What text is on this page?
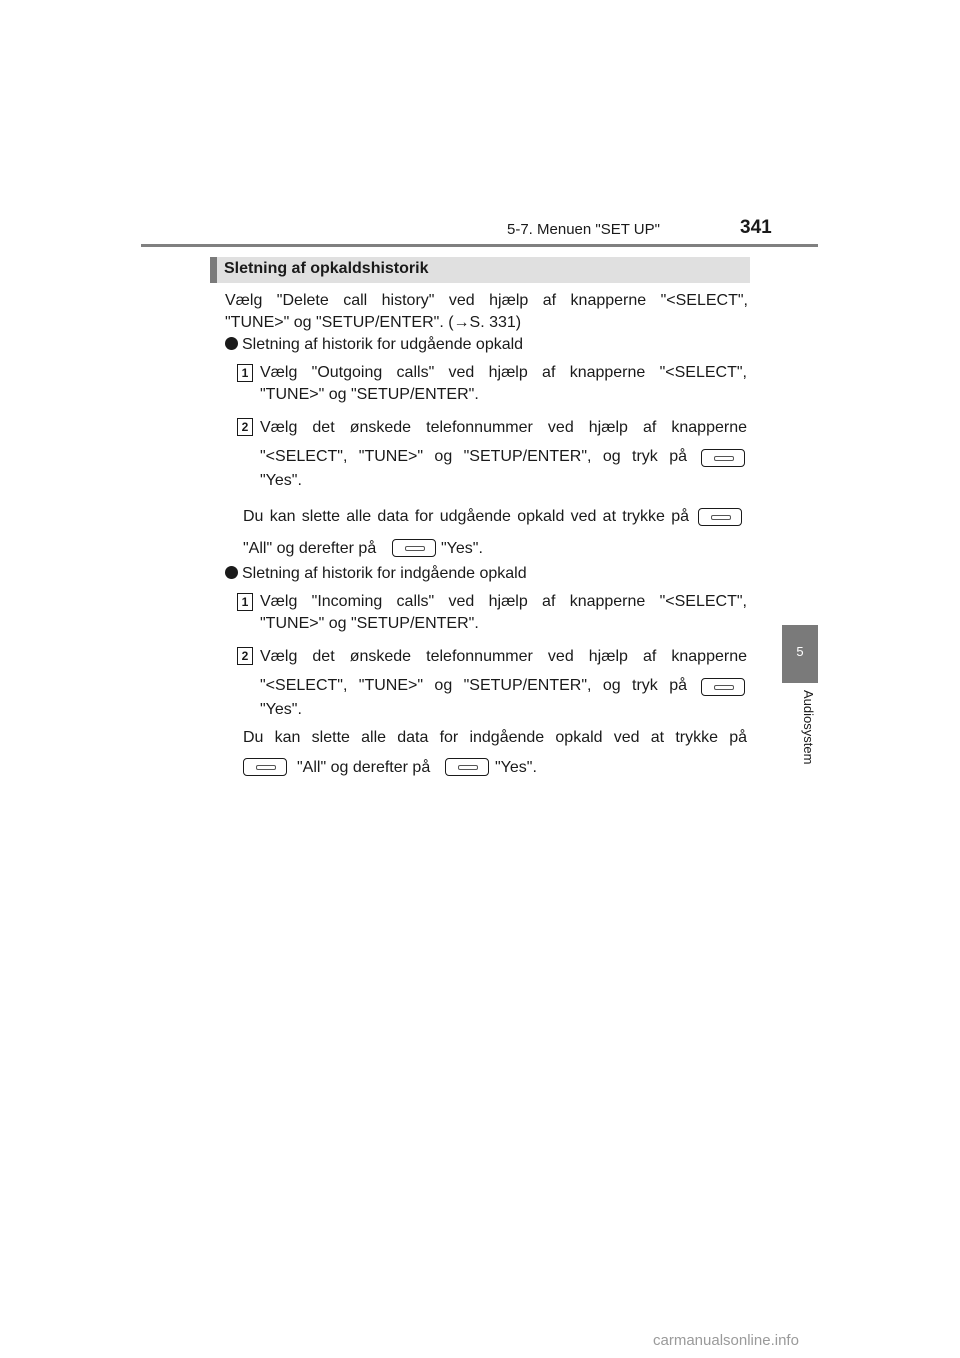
5-7. Menuen "SET UP"	341
5
Audiosystem
Sletning af opkaldshistorik
Vælg "Delete call history" ved hjælp af knapperne "<SELECT",
"TUNE>" og "SETUP/ENTER". (→S. 331)
Sletning af historik for udgående opkald
1 Vælg "Outgoing calls" ved hjælp af knapperne "<SELECT",
"TUNE>" og "SETUP/ENTER".
2 Vælg det ønskede telefonnummer ved hjælp af knapperne
"<SELECT", "TUNE>" og "SETUP/ENTER", og tryk på
"Yes".
Du kan slette alle data for udgående opkald ved at trykke på
"All" og derefter på	"Yes".
Sletning af historik for indgående opkald
1 Vælg "Incoming calls" ved hjælp af knapperne "<SELECT",
"TUNE>" og "SETUP/ENTER".
2 Vælg det ønskede telefonnummer ved hjælp af knapperne
"<SELECT", "TUNE>" og "SETUP/ENTER", og tryk på
"Yes".
Du kan slette alle data for indgående opkald ved at trykke på
"All" og derefter på	"Yes".
carmanualsonline.info
